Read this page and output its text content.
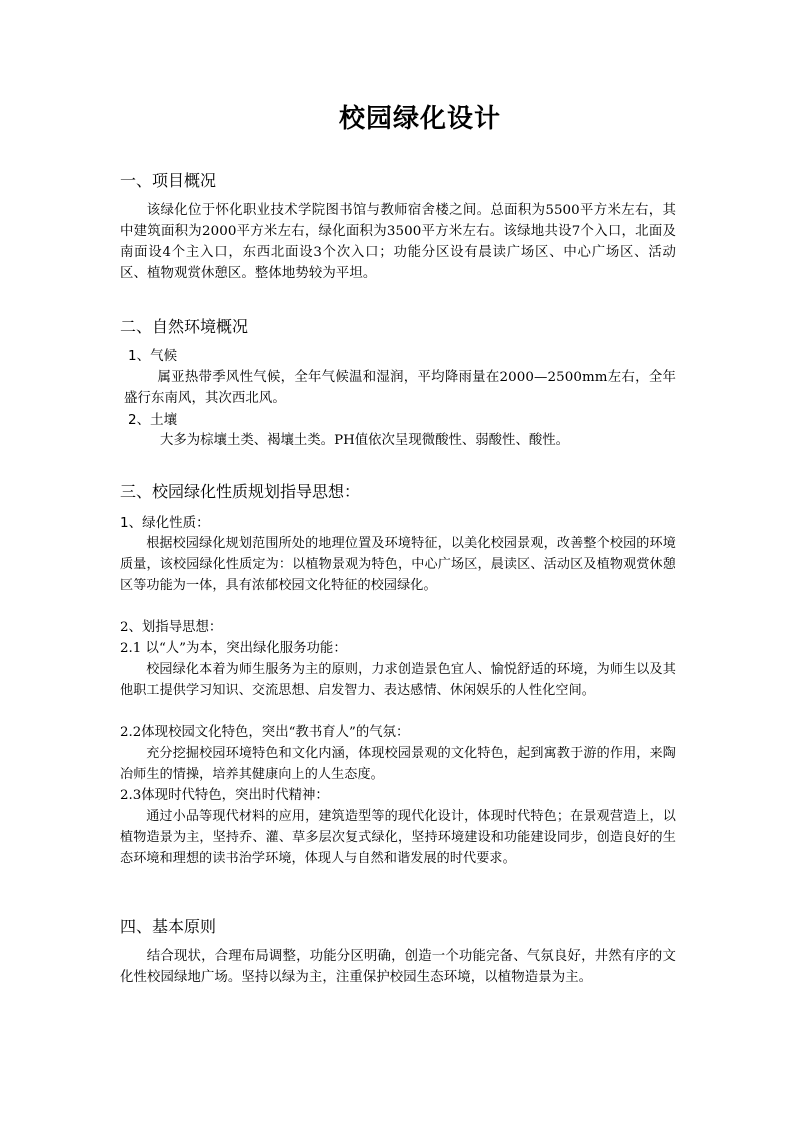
校园绿化设计
一、项目概况
该绿化位于怀化职业技术学院图书馆与教师宿舍楼之间。总面积为5500平方米左右，其中建筑面积为2000平方米左右，绿化面积为3500平方米左右。该绿地共设7个入口，北面及南面设4个主入口，东西北面设3个次入口；功能分区设有晨读广场区、中心广场区、活动区、植物观赏休憩区。整体地势较为平坦。
二、自然环境概况
1、气候
属亚热带季风性气候，全年气候温和湿润，平均降雨量在2000—2500mm左右，全年盛行东南风，其次西北风。
2、土壤
大多为棕壤土类、褐壤土类。PH值依次呈现微酸性、弱酸性、酸性。
三、校园绿化性质规划指导思想：
1、绿化性质：
根据校园绿化规划范围所处的地理位置及环境特征，以美化校园景观，改善整个校园的环境质量，该校园绿化性质定为：以植物景观为特色，中心广场区，晨读区、活动区及植物观赏休憩区等功能为一体，具有浓郁校园文化特征的校园绿化。
2、划指导思想：
2.1 以“人”为本，突出绿化服务功能：
校园绿化本着为师生服务为主的原则，力求创造景色宜人、愉悦舒适的环境，为师生以及其他职工提供学习知识、交流思想、启发智力、表达感情、休闲娱乐的人性化空间。
2.2体现校园文化特色，突出“教书育人”的气氛：
充分挖掘校园环境特色和文化内涵，体现校园景观的文化特色，起到寓教于游的作用，来陶冶师生的情操，培养其健康向上的人生态度。
2.3体现时代特色，突出时代精神：
通过小品等现代材料的应用，建筑造型等的现代化设计，体现时代特色；在景观营造上，以植物造景为主，坚持乔、灌、草多层次复式绿化，坚持环境建设和功能建设同步，创造良好的生态环境和理想的读书治学环境，体现人与自然和谐发展的时代要求。
四、基本原则
结合现状，合理布局调整，功能分区明确，创造一个功能完备、气氛良好，井然有序的文化性校园绿地广场。坚持以绿为主，注重保护校园生态环境，以植物造景为主。
